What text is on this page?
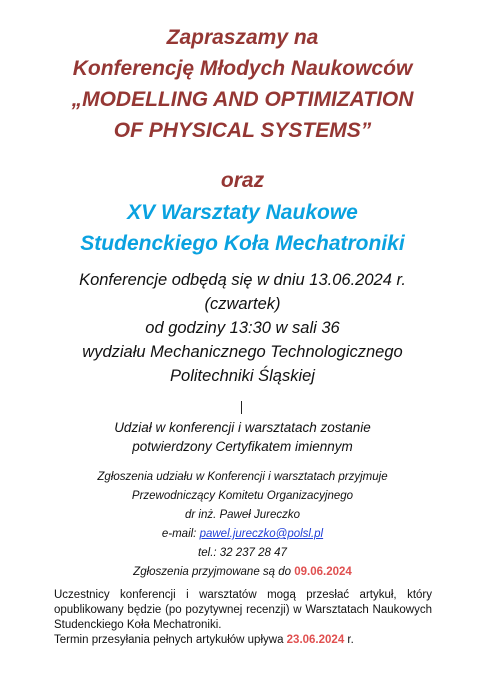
Zapraszamy na
Konferencję Młodych Naukowców
„MODELLING AND OPTIMIZATION
OF PHYSICAL SYSTEMS”
oraz
XV Warsztaty Naukowe
Studenckiego Koła Mechatroniki
Konferencje odbędą się w dniu 13.06.2024 r.
(czwartek)
od godziny 13:30 w sali 36
wydziału Mechanicznego Technologicznego
Politechniki Śląskiej
Udział w konferencji i warsztatach zostanie
potwierdzony Certyfikatem imiennym
Zgłoszenia udziału w Konferencji i warsztatach przyjmuje
Przewodniczący Komitetu Organizacyjnego
dr inż. Paweł Jureczko
e-mail: pawel.jureczko@polsl.pl
tel.: 32 237 28 47
Zgłoszenia przyjmowane są do 09.06.2024
Uczestnicy konferencji i warsztatów mogą przesłać artykuł, który opublikowany będzie (po pozytywnej recenzji) w Warsztatach Naukowych Studenckiego Koła Mechatroniki.
Termin przesyłania pełnych artykułów upływa 23.06.2024 r.
